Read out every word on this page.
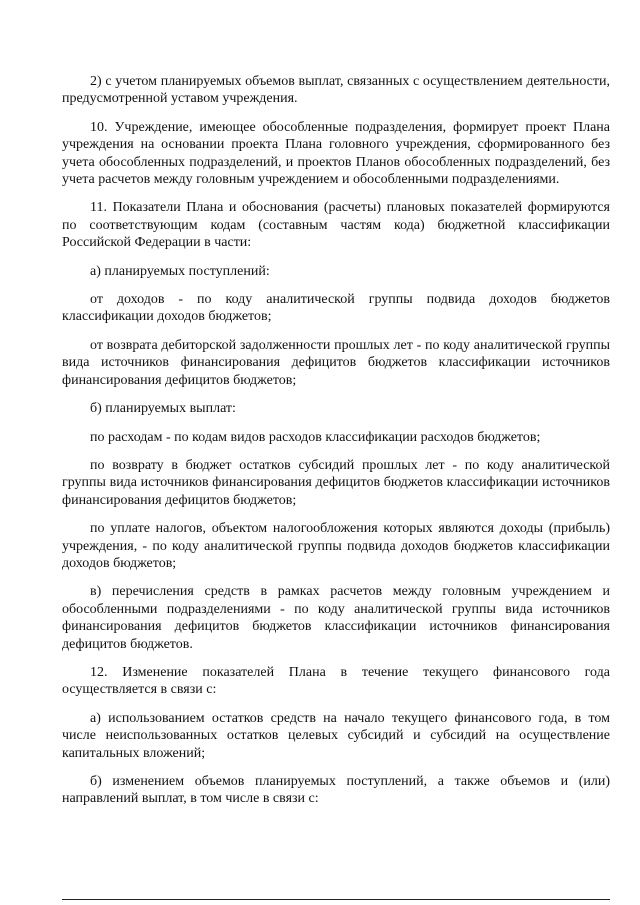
2) с учетом планируемых объемов выплат, связанных с осуществлением деятельности, предусмотренной уставом учреждения.

10. Учреждение, имеющее обособленные подразделения, формирует проект Плана учреждения на основании проекта Плана головного учреждения, сформированного без учета обособленных подразделений, и проектов Планов обособленных подразделений, без учета расчетов между головным учреждением и обособленными подразделениями.

11. Показатели Плана и обоснования (расчеты) плановых показателей формируются по соответствующим кодам (составным частям кода) бюджетной классификации Российской Федерации в части:

а) планируемых поступлений:

от доходов - по коду аналитической группы подвида доходов бюджетов классификации доходов бюджетов;

от возврата дебиторской задолженности прошлых лет - по коду аналитической группы вида источников финансирования дефицитов бюджетов классификации источников финансирования дефицитов бюджетов;

б) планируемых выплат:

по расходам - по кодам видов расходов классификации расходов бюджетов;

по возврату в бюджет остатков субсидий прошлых лет - по коду аналитической группы вида источников финансирования дефицитов бюджетов классификации источников финансирования дефицитов бюджетов;

по уплате налогов, объектом налогообложения которых являются доходы (прибыль) учреждения, - по коду аналитической группы подвида доходов бюджетов классификации доходов бюджетов;

в) перечисления средств в рамках расчетов между головным учреждением и обособленными подразделениями - по коду аналитической группы вида источников финансирования дефицитов бюджетов классификации источников финансирования дефицитов бюджетов.

12. Изменение показателей Плана в течение текущего финансового года осуществляется в связи с:

а) использованием остатков средств на начало текущего финансового года, в том числе неиспользованных остатков целевых субсидий и субсидий на осуществление капитальных вложений;

б) изменением объемов планируемых поступлений, а также объемов и (или) направлений выплат, в том числе в связи с:
